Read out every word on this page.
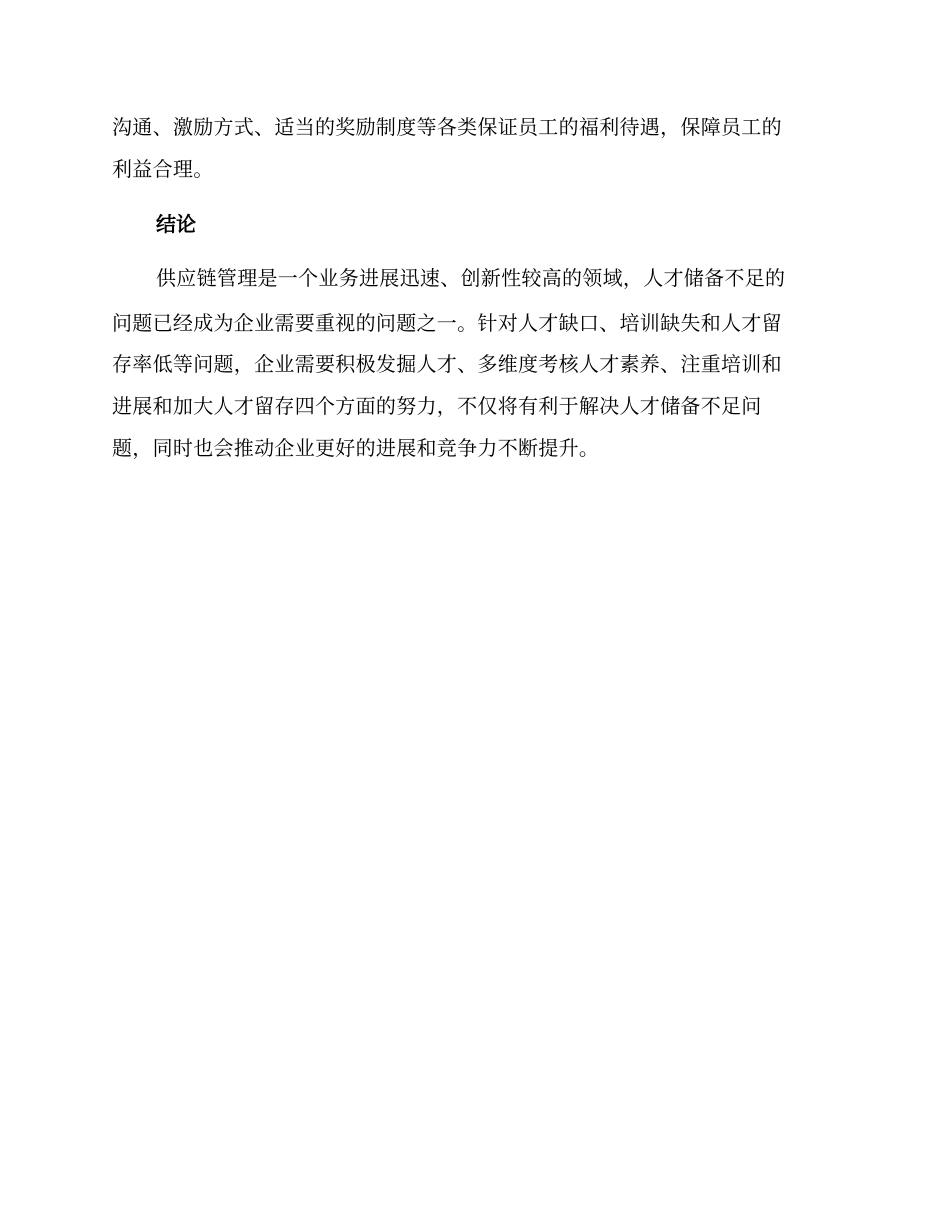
沟通、激励方式、适当的奖励制度等各类保证员工的福利待遇，保障员工的
利益合理。
结论
供应链管理是一个业务进展迅速、创新性较高的领域，人才储备不足的
问题已经成为企业需要重视的问题之一。针对人才缺口、培训缺失和人才留
存率低等问题，企业需要积极发掘人才、多维度考核人才素养、注重培训和
进展和加大人才留存四个方面的努力，不仅将有利于解决人才储备不足问
题，同时也会推动企业更好的进展和竞争力不断提升。
